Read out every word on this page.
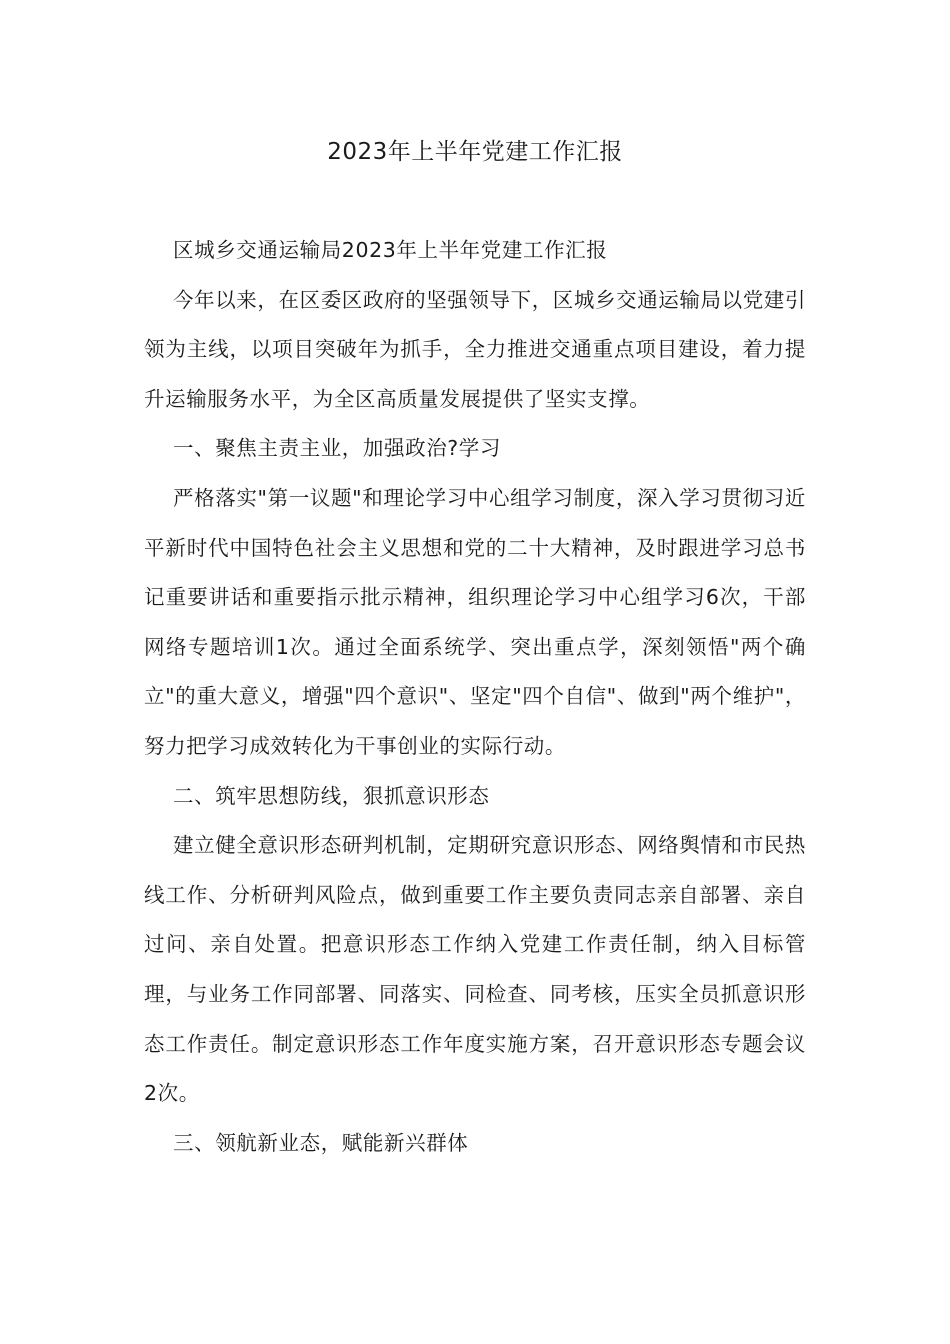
2023年上半年党建工作汇报

区城乡交通运输局2023年上半年党建工作汇报

今年以来，在区委区政府的坚强领导下，区城乡交通运输局以党建引领为主线，以项目突破年为抓手，全力推进交通重点项目建设，着力提升运输服务水平，为全区高质量发展提供了坚实支撑。

一、聚焦主责主业，加强政治?学习

严格落实"第一议题"和理论学习中心组学习制度，深入学习贯彻习近平新时代中国特色社会主义思想和党的二十大精神，及时跟进学习总书记重要讲话和重要指示批示精神，组织理论学习中心组学习6次，干部网络专题培训1次。通过全面系统学、突出重点学，深刻领悟"两个确立"的重大意义，增强"四个意识"、坚定"四个自信"、做到"两个维护"，努力把学习成效转化为干事创业的实际行动。

二、筑牢思想防线，狠抓意识形态

建立健全意识形态研判机制，定期研究意识形态、网络舆情和市民热线工作、分析研判风险点，做到重要工作主要负责同志亲自部署、亲自过问、亲自处置。把意识形态工作纳入党建工作责任制，纳入目标管理，与业务工作同部署、同落实、同检查、同考核，压实全员抓意识形态工作责任。制定意识形态工作年度实施方案，召开意识形态专题会议2次。

三、领航新业态，赋能新兴群体
